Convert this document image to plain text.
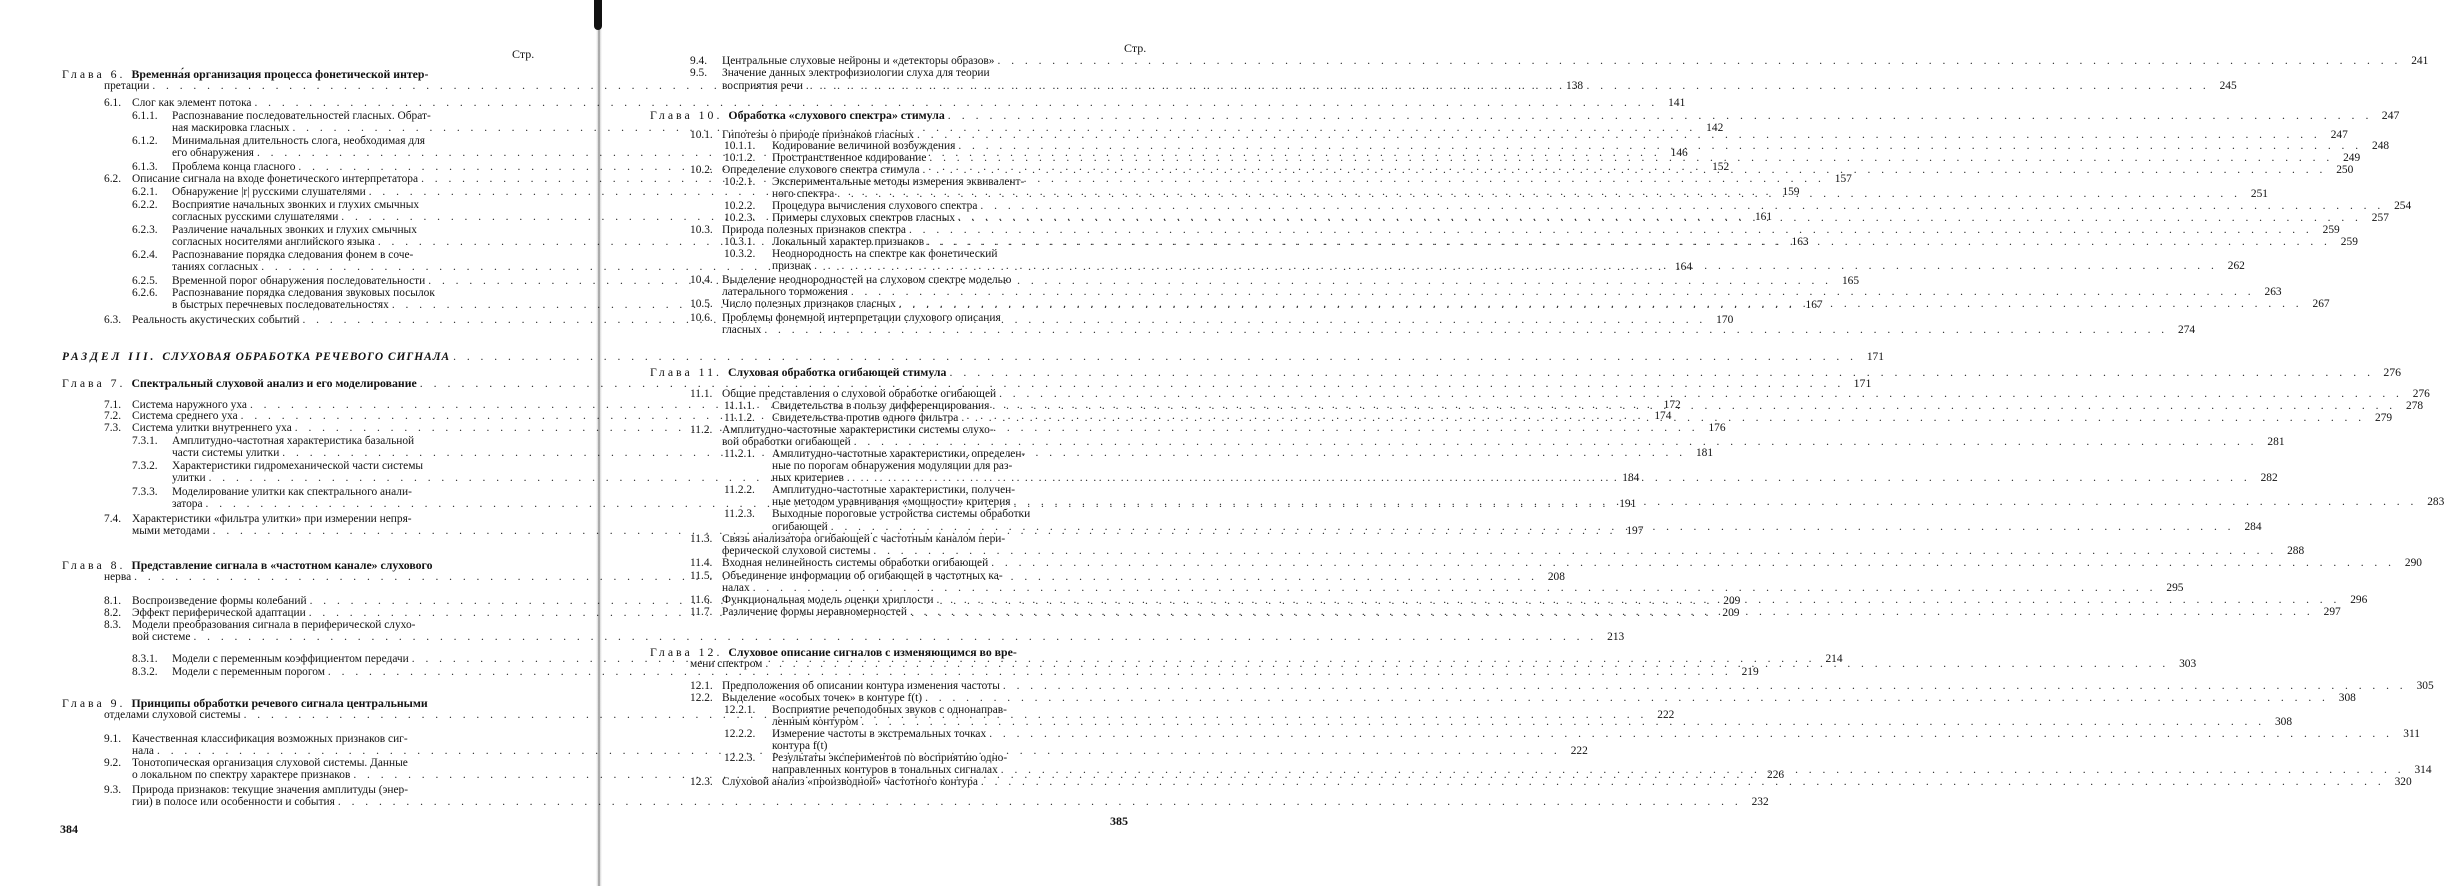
Стр.
Глава 6. Временна́я организация процесса фонетической интер-
претации . . .	138
6.1. Слог как элемент потока . . .	141
6.1.1.	Распознавание последовательностей гласных. Обрат-
ная маскировка гласных . . .	142
6.1.2.	Минимальная длительность слога, необходимая для
его обнаружения . . .	146
6.1.3.	Проблема конца гласного . . .	152
6.2. Описание сигнала на входе фонетического интерпретатора . . .	157
6.2.1.	Обнаружение |r| русскими слушателями . . .	159
6.2.2.	Восприятие начальных звонких и глухих смычных
согласных русскими слушателями . . .	161
6.2.3.	Различение начальных звонких и глухих смычных
согласных носителями английского языка . . .	163
6.2.4.	Распознавание порядка следования фонем в соче-
таниях согласных . . .	164
6.2.5.	Временной порог обнаружения последовательности . . .	165
6.2.6.	Распознавание порядка следования звуковых посылок
в быстрых перечневых последовательностях . . .	167
6.3. Реальность акустических событий . . .	170
РАЗДЕЛ III. СЛУХОВАЯ ОБРАБОТКА РЕЧЕВОГО СИГНАЛА . . .	171
Глава 7. Спектральный слуховой анализ и его моделирование . . .	171
7.1. Система наружного уха . . .	172
7.2. Система среднего уха . . .	174
7.3. Система улитки внутреннего уха . . .	176
7.3.1.	Амплитудно-частотная характеристика базальной
части системы улитки . . .	181
7.3.2.	Характеристики гидромеханической части системы
улитки . . .	184
7.3.3.	Моделирование улитки как спектрального анали-
затора . . .	191
7.4. Характеристики «фильтра улитки» при измерении непря-
мыми методами . . .	197
Глава 8. Представление сигнала в «частотном канале» слухового
нерва . . .	208
8.1. Воспроизведение формы колебаний . . .	209
8.2. Эффект периферической адаптации . . .	209
8.3. Модели преобразования сигнала в периферической слухо-
вой системе . . .	213
8.3.1.	Модели с переменным коэффициентом передачи . . .	214
8.3.2.	Модели с переменным порогом . . .	219
Глава 9. Принципы обработки речевого сигнала центральными
отделами слуховой системы . . .	222
9.1. Качественная классификация возможных признаков сиг-
нала . . .	222
9.2. Тонотопическая организация слуховой системы. Данные
о локальном по спектру характере признаков . . .	226
9.3. Природа признаков: текущие значения амплитуды (энер-
гии) в полосе или особенности и события . . .	232
384
Стр.
9.4.	Центральные слуховые нейроны и «детекторы образов» . . .	241
9.5.	Значение данных электрофизиологии слуха для теории
восприятия речи . . .	245
Глава 10. Обработка «слухового спектра» стимула . . .	247
10.1. Гипотезы о природе признаков гласных . . .	247
10.1.1.	Кодирование величиной возбуждения . . .	248
10.1.2.	Пространственное кодирование . . .	249
10.2. Определение слухового спектра стимула . . .	250
10.2.1.	Экспериментальные методы измерения эквивалент-
ного спектра . . .	251
10.2.2.	Процедура вычисления слухового спектра . . .	254
10.2.3.	Примеры слуховых спектров гласных . . .	257
10.3. Природа полезных признаков спектра . . .	259
10.3.1.	Локальный характер признаков . . .	259
10.3.2.	Неоднородность на спектре как фонетический
признак . . .	262
10.4. Выделение неоднородностей на слуховом спектре моделью
латерального торможения . . .	263
10.5. Число полезных признаков гласных . . .	267
10.6. Проблемы фонемной интерпретации слухового описания
гласных . . .	274
Глава 11. Слуховая обработка огибающей стимула . . .	276
11.1. Общие представления о слуховой обработке огибающей . . .	276
11.1.1.	Свидетельства в пользу дифференцирования . . .	278
11.1.2.	Свидетельства против одного фильтра . . .	279
11.2. Амплитудно-частотные характеристики системы слухо-
вой обработки огибающей . . .	281
11.2.1.	Амплитудно-частотные характеристики, определен-
ные по порогам обнаружения модуляции для раз-
ных критериев . . .	282
11.2.2.	Амплитудно-частотные характеристики, получен-
ные методом уравнивания «мощности» критерия . . .	283
11.2.3.	Выходные пороговые устройства системы обработки
огибающей . . .	284
11.3. Связь анализатора огибающей с частотным каналом пери-
ферической слуховой системы . . .	288
11.4. Входная нелинейность системы обработки огибающей . . .	290
11.5. Объединение информации об огибающей в частотных ка-
налах . . .	295
11.6. Функциональная модель оценки хриплости . . .	296
11.7. Различение формы неравномерностей . . .	297
Глава 12. Слуховое описание сигналов с изменяющимся во вре-
мени спектром . . .	303
12.1. Предположения об описании контура изменения частоты . . .	305
12.2. Выделение «особых точек» в контуре f(t) . . .	308
12.2.1.	Восприятие речеподобных звуков с однонаправ-
ленным контуром . . .	308
12.2.2.	Измерение частоты в экстремальных точках . . .	311
контура f(t)
12.2.3.	Результаты экспериментов по восприятию одно-
направленных контуров в тональных сигналах . . .	314
12.3. Слуховой анализ «производной» частотного контура . . .	320
385
